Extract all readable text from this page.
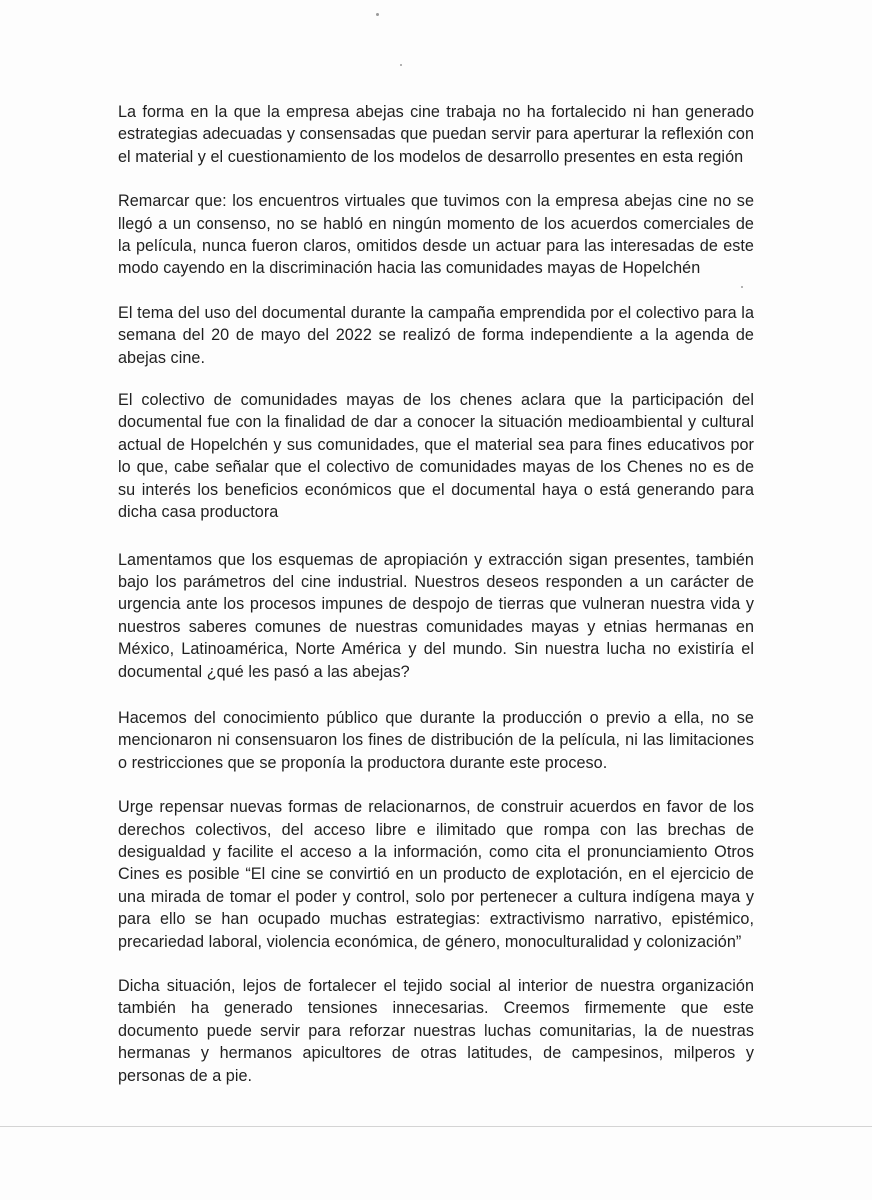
La forma en la que la empresa abejas cine trabaja no ha fortalecido ni han generado estrategias adecuadas y consensadas que puedan servir para aperturar la reflexión con el material y el cuestionamiento de los modelos de desarrollo presentes en esta región

Remarcar que: los encuentros virtuales que tuvimos con la empresa abejas cine no se llegó a un consenso, no se habló en ningún momento de los acuerdos comerciales de la película, nunca fueron claros, omitidos desde un actuar para las interesadas de este modo cayendo en la discriminación hacia las comunidades mayas de Hopelchén

El tema del uso del documental durante la campaña emprendida por el colectivo para la semana del 20 de mayo del 2022 se realizó de forma independiente a la agenda de abejas cine.

El colectivo de comunidades mayas de los chenes aclara que la participación del documental fue con la finalidad de dar a conocer la situación medioambiental y cultural actual de Hopelchén y sus comunidades, que el material sea para fines educativos por lo que, cabe señalar que el colectivo de comunidades mayas de los Chenes no es de su interés los beneficios económicos que el documental haya o está generando para dicha casa productora

Lamentamos que los esquemas de apropiación y extracción sigan presentes, también bajo los parámetros del cine industrial. Nuestros deseos responden a un carácter de urgencia ante los procesos impunes de despojo de tierras que vulneran nuestra vida y nuestros saberes comunes de nuestras comunidades mayas y etnias hermanas en México, Latinoamérica, Norte América y del mundo. Sin nuestra lucha no existiría el documental ¿qué les pasó a las abejas?

Hacemos del conocimiento público que durante la producción o previo a ella, no se mencionaron ni consensuaron los fines de distribución de la película, ni las limitaciones o restricciones que se proponía la productora durante este proceso.

Urge repensar nuevas formas de relacionarnos, de construir acuerdos en favor de los derechos colectivos, del acceso libre e ilimitado que rompa con las brechas de desigualdad y facilite el acceso a la información, como cita el pronunciamiento Otros Cines es posible “El cine se convirtió en un producto de explotación, en el ejercicio de una mirada de tomar el poder y control, solo por pertenecer a cultura indígena maya y para ello se han ocupado muchas estrategias: extractivismo narrativo, epistémico, precariedad laboral, violencia económica, de género, monoculturalidad y colonización”

Dicha situación, lejos de fortalecer el tejido social al interior de nuestra organización también ha generado tensiones innecesarias. Creemos firmemente que este documento puede servir para reforzar nuestras luchas comunitarias, la de nuestras hermanas y hermanos apicultores de otras latitudes, de campesinos, milperos y personas de a pie.
